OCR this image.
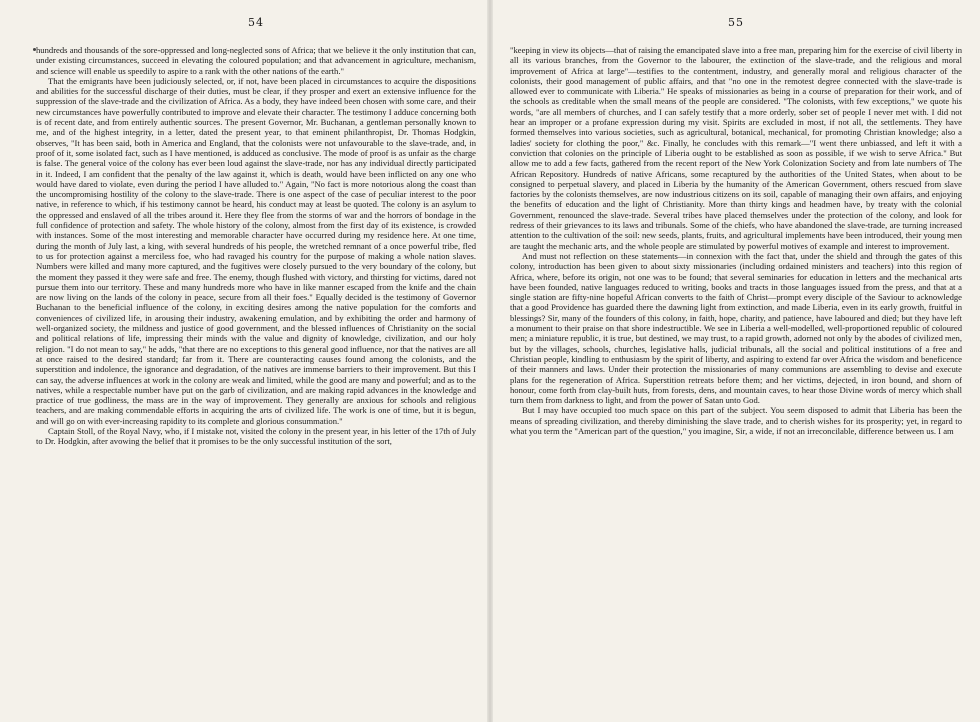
54

hundreds and thousands of the sore-oppressed and long-neglected sons of Africa; that we believe it the only institution that can, under existing circumstances, succeed in elevating the coloured population; and that advancement in agriculture, mechanism, and science will enable us speedily to aspire to a rank with the other nations of the earth."

That the emigrants have been judiciously selected, or, if not, have been placed in circumstances to acquire the dispositions and abilities for the successful discharge of their duties, must be clear, if they prosper and exert an extensive influence for the suppression of the slave-trade and the civilization of Africa. As a body, they have indeed been chosen with some care, and their new circumstances have powerfully contributed to improve and elevate their character. The testimony I adduce concerning both is of recent date, and from entirely authentic sources. The present Governor, Mr. Buchanan, a gentleman personally known to me, and of the highest integrity, in a letter, dated the present year, to that eminent philanthropist, Dr. Thomas Hodgkin, observes, "It has been said, both in America and England, that the colonists were not unfavourable to the slave-trade, and, in proof of it, some isolated fact, such as I have mentioned, is adduced as conclusive. The mode of proof is as unfair as the charge is false. The general voice of the colony has ever been loud against the slave-trade, nor has any individual directly participated in it. Indeed, I am confident that the penalty of the law against it, which is death, would have been inflicted on any one who would have dared to violate, even during the period I have alluded to." Again, "No fact is more notorious along the coast than the uncompromising hostility of the colony to the slave-trade. There is one aspect of the case of peculiar interest to the poor native, in reference to which, if his testimony cannot be heard, his conduct may at least be quoted. The colony is an asylum to the oppressed and enslaved of all the tribes around it. Here they flee from the storms of war and the horrors of bondage in the full confidence of protection and safety. The whole history of the colony, almost from the first day of its existence, is crowded with instances. Some of the most interesting and memorable character have occurred during my residence here. At one time, during the month of July last, a king, with several hundreds of his people, the wretched remnant of a once powerful tribe, fled to us for protection against a merciless foe, who had ravaged his country for the purpose of making a whole nation slaves. Numbers were killed and many more captured, and the fugitives were closely pursued to the very boundary of the colony, but the moment they passed it they were safe and free. The enemy, though flushed with victory, and thirsting for victims, dared not pursue them into our territory. These and many hundreds more who have in like manner escaped from the knife and the chain are now living on the lands of the colony in peace, secure from all their foes." Equally decided is the testimony of Governor Buchanan to the beneficial influence of the colony, in exciting desires among the native population for the comforts and conveniences of civilized life, in arousing their industry, awakening emulation, and by exhibiting the order and harmony of well-organized society, the mildness and justice of good government, and the blessed influences of Christianity on the social and political relations of life, impressing their minds with the value and dignity of knowledge, civilization, and our holy religion. "I do not mean to say," he adds, "that there are no exceptions to this general good influence, nor that the natives are all at once raised to the desired standard; far from it. There are counteracting causes found among the colonists, and the superstition and indolence, the ignorance and degradation, of the natives are immense barriers to their improvement. But this I can say, the adverse influences at work in the colony are weak and limited, while the good are many and powerful; and as to the natives, while a respectable number have put on the garb of civilization, and are making rapid advances in the knowledge and practice of true godliness, the mass are in the way of improvement. They generally are anxious for schools and religious teachers, and are making commendable efforts in acquiring the arts of civilized life. The work is one of time, but it is begun, and will go on with ever-increasing rapidity to its complete and glorious consummation."

Captain Stoll, of the Royal Navy, who, if I mistake not, visited the colony in the present year, in his letter of the 17th of July to Dr. Hodgkin, after avowing the belief that it promises to be the only successful institution of the sort,

55

"keeping in view its objects—that of raising the emancipated slave into a free man, preparing him for the exercise of civil liberty in all its various branches, from the Governor to the labourer, the extinction of the slave-trade, and the religious and moral improvement of Africa at large"—testifies to the contentment, industry, and generally moral and religious character of the colonists, their good management of public affairs, and that "no one in the remotest degree connected with the slave-trade is allowed ever to communicate with Liberia." He speaks of missionaries as being in a course of preparation for their work, and of the schools as creditable when the small means of the people are considered. "The colonists, with few exceptions," we quote his words, "are all members of churches, and I can safely testify that a more orderly, sober set of people I never met with. I did not hear an improper or a profane expression during my visit. Spirits are excluded in most, if not all, the settlements. They have formed themselves into various societies, such as agricultural, botanical, mechanical, for promoting Christian knowledge; also a ladies' society for clothing the poor," &c. Finally, he concludes with this remark—"I went there unbiassed, and left it with a conviction that colonies on the principle of Liberia ought to be established as soon as possible, if we wish to serve Africa." But allow me to add a few facts, gathered from the recent report of the New York Colonization Society and from late numbers of The African Repository. Hundreds of native Africans, some recaptured by the authorities of the United States, when about to be consigned to perpetual slavery, and placed in Liberia by the humanity of the American Government, others rescued from slave factories by the colonists themselves, are now industrious citizens on its soil, capable of managing their own affairs, and enjoying the benefits of education and the light of Christianity. More than thirty kings and headmen have, by treaty with the colonial Government, renounced the slave-trade. Several tribes have placed themselves under the protection of the colony, and look for redress of their grievances to its laws and tribunals. Some of the chiefs, who have abandoned the slave-trade, are turning increased attention to the cultivation of the soil: new seeds, plants, fruits, and agricultural implements have been introduced, their young men are taught the mechanic arts, and the whole people are stimulated by powerful motives of example and interest to improvement.

And must not reflection on these statements—in connexion with the fact that, under the shield and through the gates of this colony, introduction has been given to about sixty missionaries (including ordained ministers and teachers) into this region of Africa, where, before its origin, not one was to be found; that several seminaries for education in letters and the mechanical arts have been founded, native languages reduced to writing, books and tracts in those languages issued from the press, and that at a single station are fifty-nine hopeful African converts to the faith of Christ—prompt every disciple of the Saviour to acknowledge that a good Providence has guarded there the dawning light from extinction, and made Liberia, even in its early growth, fruitful in blessings? Sir, many of the founders of this colony, in faith, hope, charity, and patience, have laboured and died; but they have left a monument to their praise on that shore indestructible. We see in Liberia a well-modelled, well-proportioned republic of coloured men; a miniature republic, it is true, but destined, we may trust, to a rapid growth, adorned not only by the abodes of civilized men, but by the villages, schools, churches, legislative halls, judicial tribunals, all the social and political institutions of a free and Christian people, kindling to enthusiasm by the spirit of liberty, and aspiring to extend far over Africa the wisdom and beneficence of their manners and laws. Under their protection the missionaries of many communions are assembling to devise and execute plans for the regeneration of Africa. Superstition retreats before them; and her victims, dejected, in iron bound, and shorn of honour, come forth from clay-built huts, from forests, dens, and mountain caves, to hear those Divine words of mercy which shall turn them from darkness to light, and from the power of Satan unto God.

But I may have occupied too much space on this part of the subject. You seem disposed to admit that Liberia has been the means of spreading civilization, and thereby diminishing the slave trade, and to cherish wishes for its prosperity; yet, in regard to what you term the "American part of the question," you imagine, Sir, a wide, if not an irreconcilable, difference between us. I am
